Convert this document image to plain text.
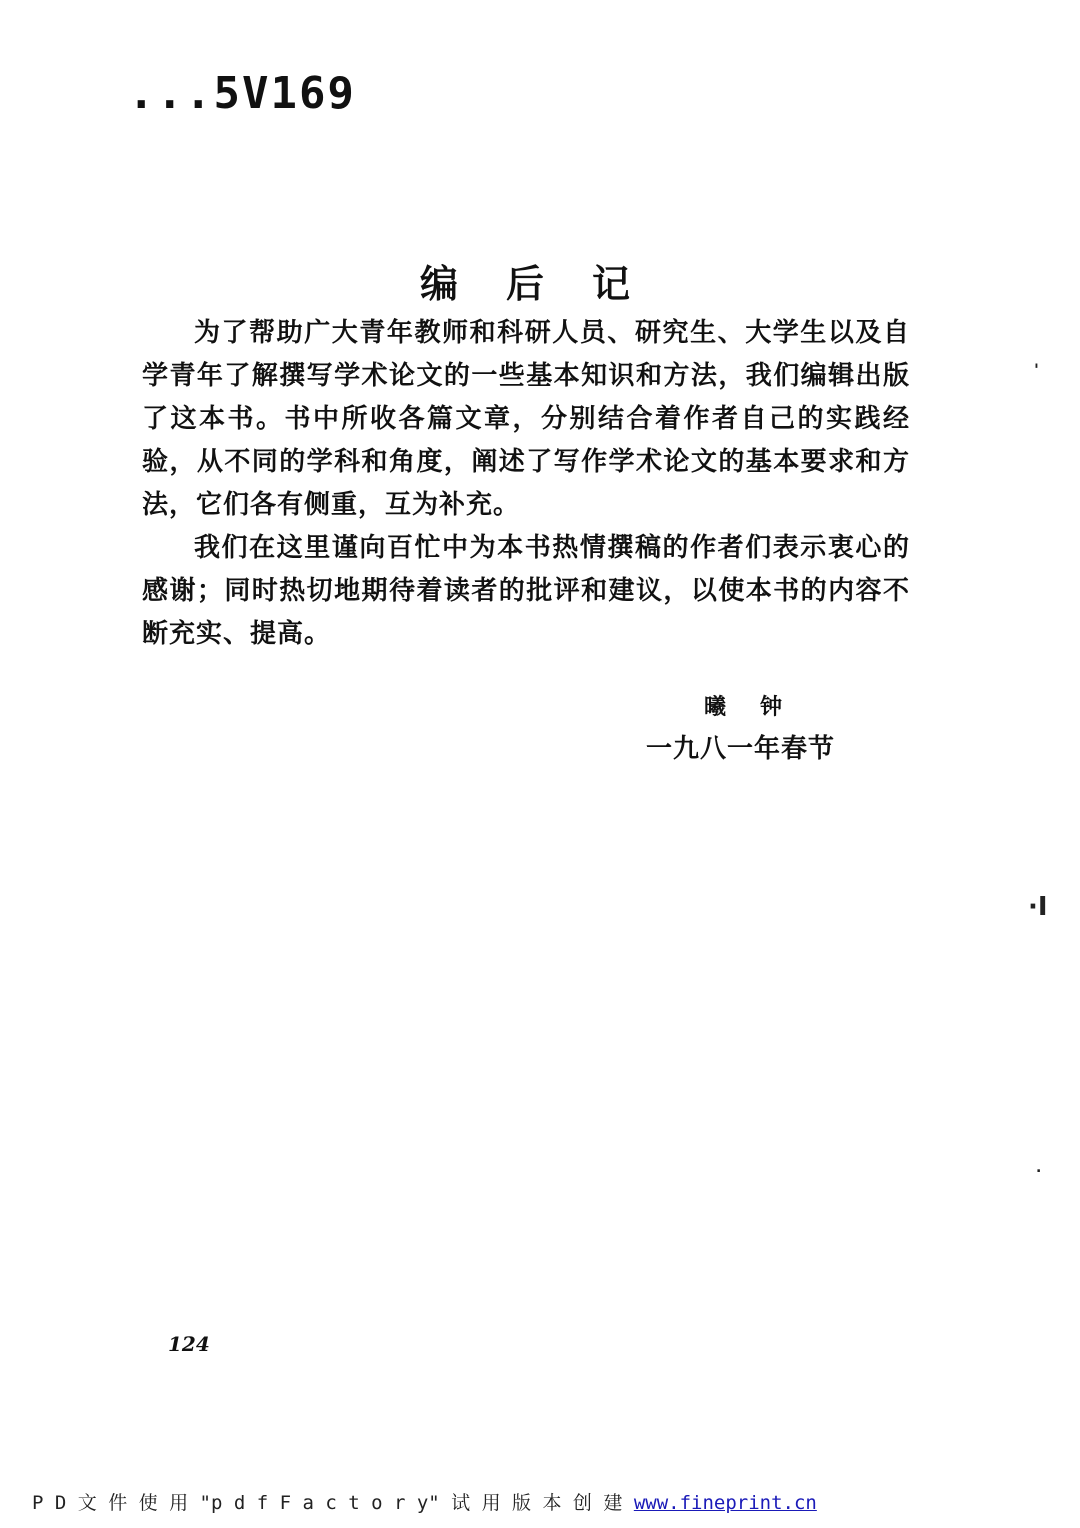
...5V169
编后记

为了帮助广大青年教师和科研人员、研究生、大学生以及自学青年了解撰写学术论文的一些基本知识和方法，我们编辑出版了这本书。书中所收各篇文章，分别结合着作者自己的实践经验，从不同的学科和角度，阐述了写作学术论文的基本要求和方法，它们各有侧重，互为补充。

我们在这里谨向百忙中为本书热情撰稿的作者们表示衷心的感谢；同时热切地期待着读者的批评和建议，以使本书的内容不断充实、提高。

曦钟
一九八一年春节
'
·I
.
124
P D 文 件 使 用 "p d f F a c t o r y" 试 用 版 本 创 建 www.fineprint.cn
